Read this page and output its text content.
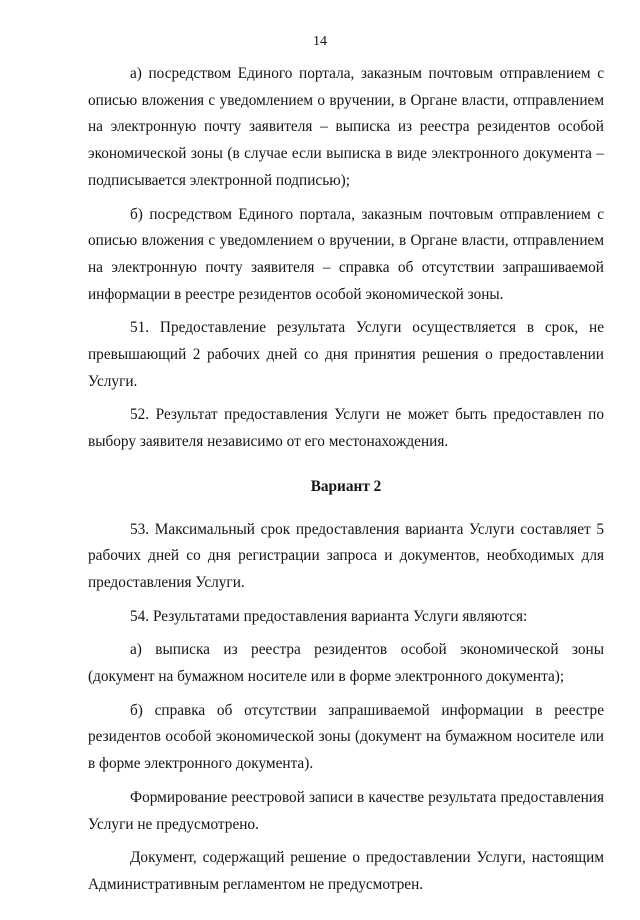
14

а) посредством Единого портала, заказным почтовым отправлением с описью вложения с уведомлением о вручении, в Органе власти, отправлением на электронную почту заявителя – выписка из реестра резидентов особой экономической зоны (в случае если выписка в виде электронного документа – подписывается электронной подписью);

б) посредством Единого портала, заказным почтовым отправлением с описью вложения с уведомлением о вручении, в Органе власти, отправлением на электронную почту заявителя – справка об отсутствии запрашиваемой информации в реестре резидентов особой экономической зоны.

51. Предоставление результата Услуги осуществляется в срок, не превышающий 2 рабочих дней со дня принятия решения о предоставлении Услуги.

52. Результат предоставления Услуги не может быть предоставлен по выбору заявителя независимо от его местонахождения.

Вариант 2

53. Максимальный срок предоставления варианта Услуги составляет 5 рабочих дней со дня регистрации запроса и документов, необходимых для предоставления Услуги.

54. Результатами предоставления варианта Услуги являются:

а) выписка из реестра резидентов особой экономической зоны (документ на бумажном носителе или в форме электронного документа);

б) справка об отсутствии запрашиваемой информации в реестре резидентов особой экономической зоны (документ на бумажном носителе или в форме электронного документа).

Формирование реестровой записи в качестве результата предоставления Услуги не предусмотрено.

Документ, содержащий решение о предоставлении Услуги, настоящим Административным регламентом не предусмотрен.
